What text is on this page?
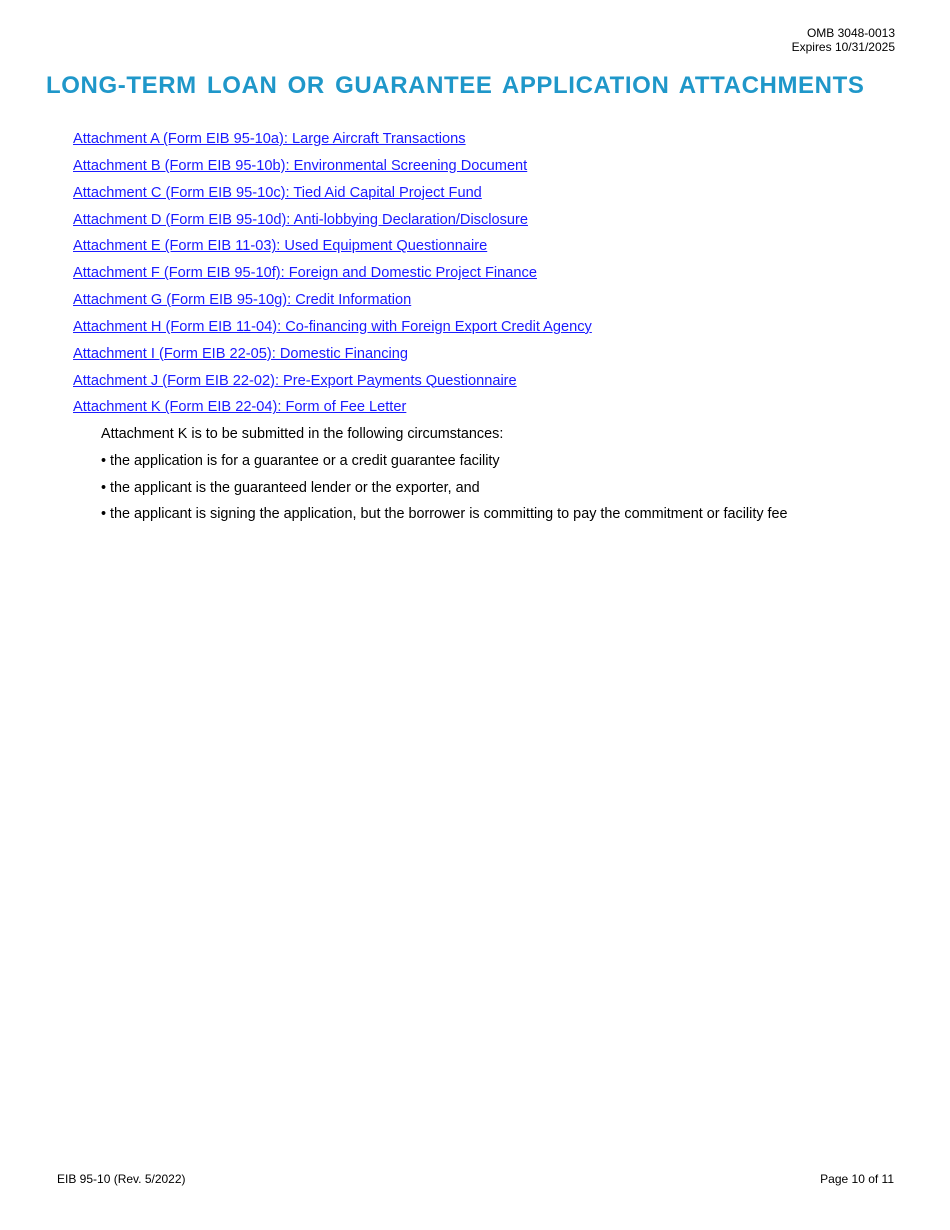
OMB 3048-0013
Expires 10/31/2025
LONG-TERM LOAN OR GUARANTEE APPLICATION ATTACHMENTS
Attachment A (Form EIB 95-10a): Large Aircraft Transactions
Attachment B (Form EIB 95-10b): Environmental Screening Document
Attachment C (Form EIB 95-10c): Tied Aid Capital Project Fund
Attachment D (Form EIB 95-10d): Anti-lobbying Declaration/Disclosure
Attachment E (Form EIB 11-03): Used Equipment Questionnaire
Attachment F (Form EIB 95-10f): Foreign and Domestic Project Finance
Attachment G (Form EIB 95-10g): Credit Information
Attachment H (Form EIB 11-04): Co-financing with Foreign Export Credit Agency
Attachment I (Form EIB 22-05): Domestic Financing
Attachment J (Form EIB 22-02): Pre-Export Payments Questionnaire
Attachment K (Form EIB 22-04): Form of Fee Letter

Attachment K is to be submitted in the following circumstances:

• the application is for a guarantee or a credit guarantee facility

• the applicant is the guaranteed lender or the exporter, and

• the applicant is signing the application, but the borrower is committing to pay the commitment or facility fee

EIB 95-10 (Rev. 5/2022)	Page 10 of 11
